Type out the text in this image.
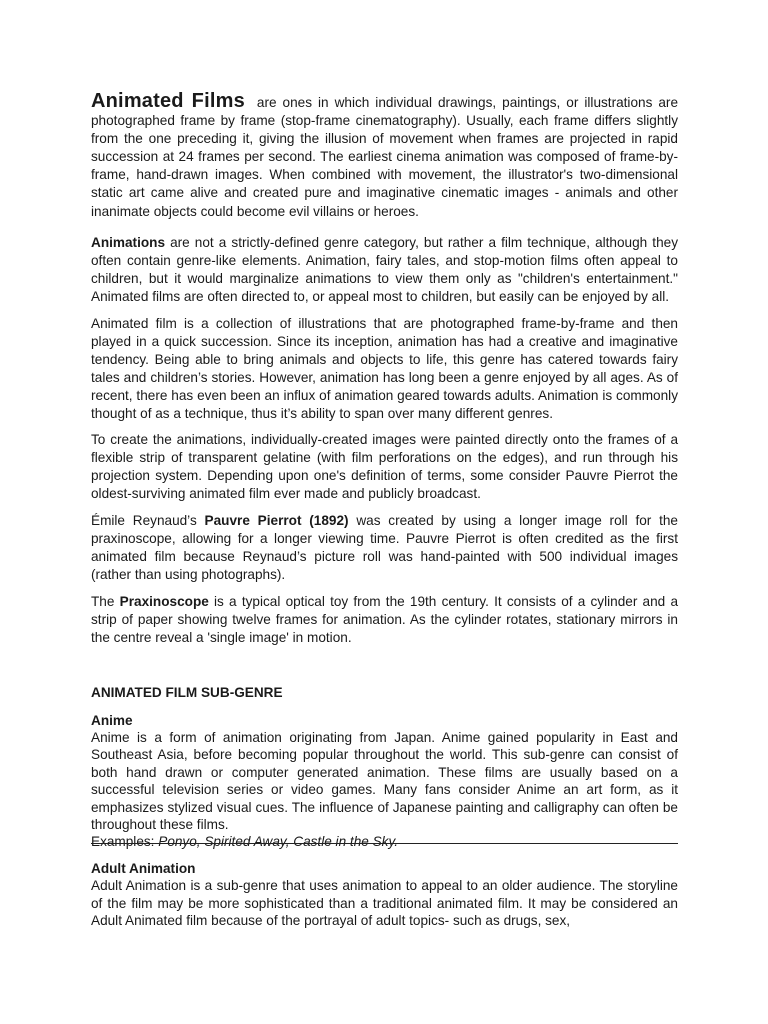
Animated Films are ones in which individual drawings, paintings, or illustrations are photographed frame by frame (stop-frame cinematography). Usually, each frame differs slightly from the one preceding it, giving the illusion of movement when frames are projected in rapid succession at 24 frames per second. The earliest cinema animation was composed of frame-by-frame, hand-drawn images. When combined with movement, the illustrator's two-dimensional static art came alive and created pure and imaginative cinematic images - animals and other inanimate objects could become evil villains or heroes.

Animations are not a strictly-defined genre category, but rather a film technique, although they often contain genre-like elements. Animation, fairy tales, and stop-motion films often appeal to children, but it would marginalize animations to view them only as "children's entertainment." Animated films are often directed to, or appeal most to children, but easily can be enjoyed by all.

Animated film is a collection of illustrations that are photographed frame-by-frame and then played in a quick succession. Since its inception, animation has had a creative and imaginative tendency. Being able to bring animals and objects to life, this genre has catered towards fairy tales and children’s stories. However, animation has long been a genre enjoyed by all ages. As of recent, there has even been an influx of animation geared towards adults. Animation is commonly thought of as a technique, thus it’s ability to span over many different genres.

To create the animations, individually-created images were painted directly onto the frames of a flexible strip of transparent gelatine (with film perforations on the edges), and run through his projection system. Depending upon one's definition of terms, some consider Pauvre Pierrot the oldest-surviving animated film ever made and publicly broadcast.

Émile Reynaud’s Pauvre Pierrot (1892) was created by using a longer image roll for the praxinoscope, allowing for a longer viewing time. Pauvre Pierrot is often credited as the first animated film because Reynaud’s picture roll was hand-painted with 500 individual images (rather than using photographs).

The Praxinoscope is a typical optical toy from the 19th century. It consists of a cylinder and a strip of paper showing twelve frames for animation. As the cylinder rotates, stationary mirrors in the centre reveal a 'single image' in motion.

ANIMATED FILM SUB-GENRE

Anime

Anime is a form of animation originating from Japan. Anime gained popularity in East and Southeast Asia, before becoming popular throughout the world. This sub-genre can consist of both hand drawn or computer generated animation. These films are usually based on a successful television series or video games. Many fans consider Anime an art form, as it emphasizes stylized visual cues. The influence of Japanese painting and calligraphy can often be throughout these films.
Examples: Ponyo, Spirited Away, Castle in the Sky.

Adult Animation

Adult Animation is a sub-genre that uses animation to appeal to an older audience. The storyline of the film may be more sophisticated than a traditional animated film. It may be considered an Adult Animated film because of the portrayal of adult topics- such as drugs, sex,
